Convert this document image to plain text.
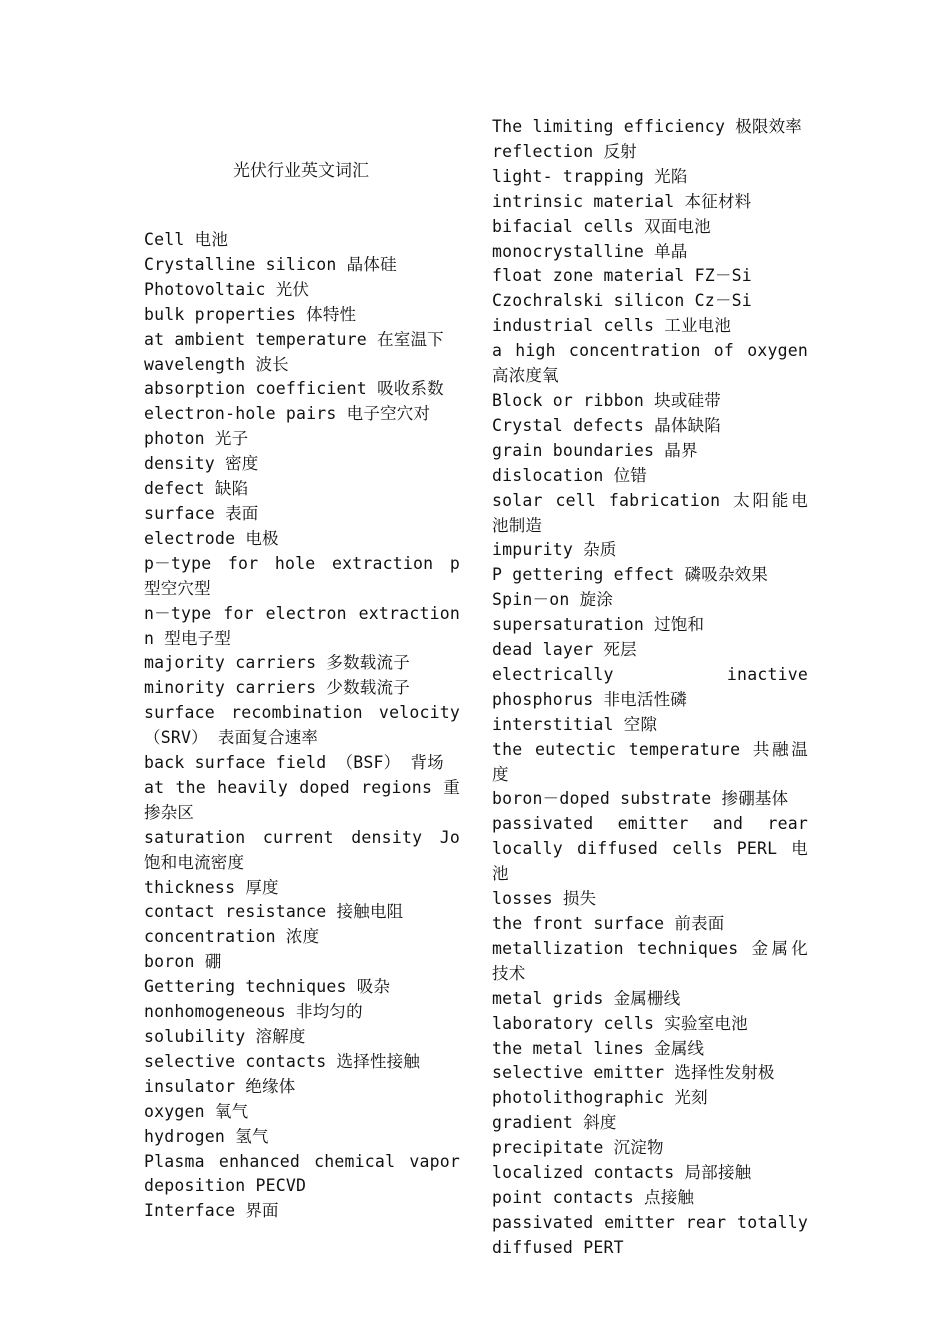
光伏行业英文词汇

Cell 电池

Crystalline silicon 晶体硅

Photovoltaic 光伏

bulk properties 体特性

at ambient temperature 在室温下

wavelength 波长

absorption coefficient 吸收系数

electron-hole pairs 电子空穴对

photon 光子

density 密度

defect 缺陷

surface 表面

electrode 电极

p－type for hole extraction p 型空穴型

n－type for electron extraction n 型电子型

majority carriers 多数载流子

minority carriers 少数载流子

surface recombination velocity （SRV） 表面复合速率

back surface field （BSF） 背场

at the heavily doped regions 重掺杂区

saturation current density Jo 饱和电流密度

thickness 厚度

contact resistance 接触电阻

concentration 浓度

boron 硼

Gettering techniques 吸杂

nonhomogeneous 非均匀的

solubility 溶解度

selective contacts 选择性接触

insulator 绝缘体

oxygen 氧气

hydrogen 氢气

Plasma enhanced chemical vapor deposition PECVD

Interface 界面

The limiting efficiency 极限效率

reflection 反射

light- trapping 光陷

intrinsic material 本征材料

bifacial cells 双面电池

monocrystalline 单晶

float zone material FZ－Si

Czochralski silicon Cz－Si

industrial cells 工业电池

a high concentration of oxygen 高浓度氧

Block or ribbon 块或硅带

Crystal defects 晶体缺陷

grain boundaries 晶界

dislocation 位错

solar cell fabrication 太阳能电池制造

impurity 杂质

P gettering effect 磷吸杂效果

Spin－on 旋涂

supersaturation 过饱和

dead layer 死层

electrically inactive phosphorus 非电活性磷

interstitial 空隙

the eutectic temperature 共融温度

boron－doped substrate 掺硼基体

passivated emitter and rear locally diffused cells PERL 电池

losses 损失

the front surface 前表面

metallization techniques 金属化技术

metal grids 金属栅线

laboratory cells 实验室电池

the metal lines 金属线

selective emitter 选择性发射极

photolithographic 光刻

gradient 斜度

precipitate 沉淀物

localized contacts 局部接触

point contacts 点接触

passivated emitter rear totally diffused PERT
